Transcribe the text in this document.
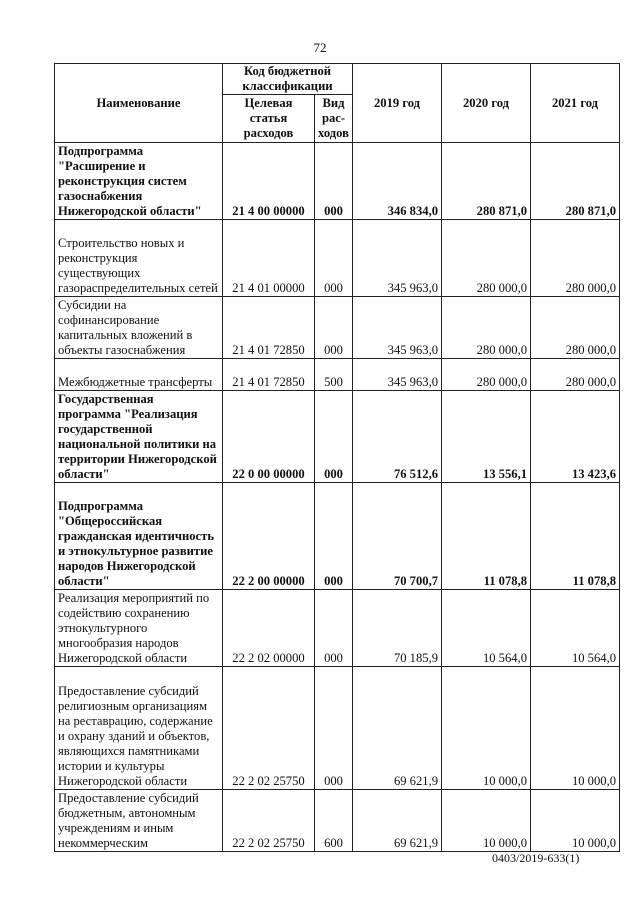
72
Наименование	Код бюджетной классификации		2019 год	2020 год	2021 год
	Целевая статья расходов	Вид рас-ходов			
Подпрограмма "Расширение и реконструкция систем газоснабжения Нижегородской области"	21 4 00 00000	000	346 834,0	280 871,0	280 871,0
Строительство новых и реконструкция существующих газораспределительных сетей	21 4 01 00000	000	345 963,0	280 000,0	280 000,0
Субсидии на софинансирование капитальных вложений в объекты газоснабжения	21 4 01 72850	000	345 963,0	280 000,0	280 000,0
Межбюджетные трансферты	21 4 01 72850	500	345 963,0	280 000,0	280 000,0
Государственная программа "Реализация государственной национальной политики на территории Нижегородской области"	22 0 00 00000	000	76 512,6	13 556,1	13 423,6
Подпрограмма "Общероссийская гражданская идентичность и этнокультурное развитие народов Нижегородской области"	22 2 00 00000	000	70 700,7	11 078,8	11 078,8
Реализация мероприятий по содействию сохранению этнокультурного многообразия народов Нижегородской области	22 2 02 00000	000	70 185,9	10 564,0	10 564,0
Предоставление субсидий религиозным организациям на реставрацию, содержание и охрану зданий и объектов, являющихся памятниками истории и культуры Нижегородской области	22 2 02 25750	000	69 621,9	10 000,0	10 000,0
Предоставление субсидий бюджетным, автономным учреждениям и иным некоммерческим	22 2 02 25750	600	69 621,9	10 000,0	10 000,0
0403/2019-633(1)
